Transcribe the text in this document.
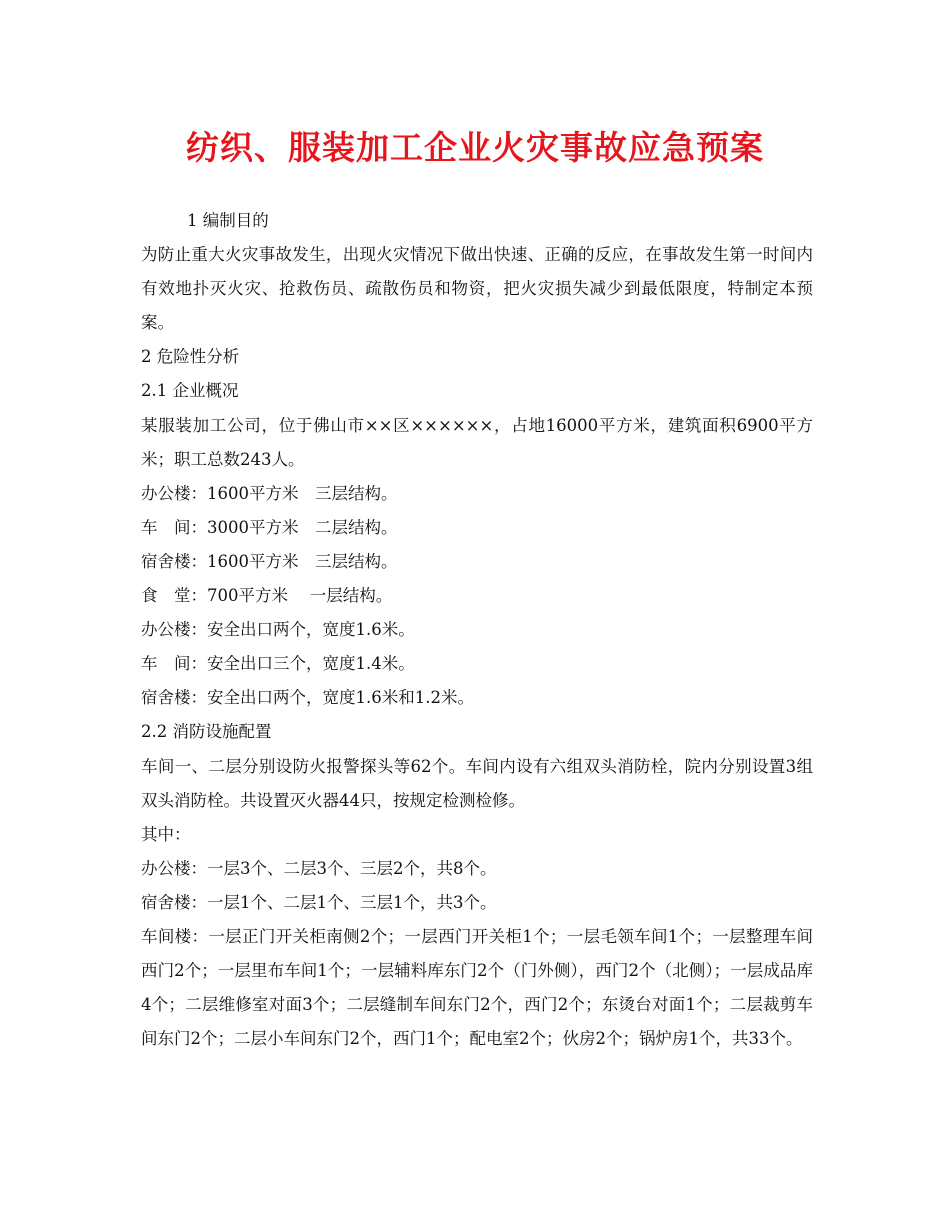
纺织、服装加工企业火灾事故应急预案

1 编制目的

为防止重大火灾事故发生，出现火灾情况下做出快速、正确的反应，在事故发生第一时间内有效地扑灭火灾、抢救伤员、疏散伤员和物资，把火灾损失减少到最低限度，特制定本预案。

2 危险性分析

2.1 企业概况

某服装加工公司，位于佛山市××区××××××，占地16000平方米，建筑面积6900平方米；职工总数243人。

办公楼：1600平方米　三层结构。

车　间：3000平方米　二层结构。

宿舍楼：1600平方米　三层结构。

食　堂：700平方米　 一层结构。

办公楼：安全出口两个，宽度1.6米。

车　间：安全出口三个，宽度1.4米。

宿舍楼：安全出口两个，宽度1.6米和1.2米。

2.2 消防设施配置

车间一、二层分别设防火报警探头等62个。车间内设有六组双头消防栓，院内分别设置3组双头消防栓。共设置灭火器44只，按规定检测检修。

其中：

办公楼：一层3个、二层3个、三层2个，共8个。

宿舍楼：一层1个、二层1个、三层1个，共3个。

车间楼：一层正门开关柜南侧2个；一层西门开关柜1个；一层毛领车间1个；一层整理车间西门2个；一层里布车间1个；一层辅料库东门2个（门外侧），西门2个（北侧）；一层成品库4个；二层维修室对面3个；二层缝制车间东门2个，西门2个；东烫台对面1个；二层裁剪车间东门2个；二层小车间东门2个，西门1个；配电室2个；伙房2个；锅炉房1个，共33个。
